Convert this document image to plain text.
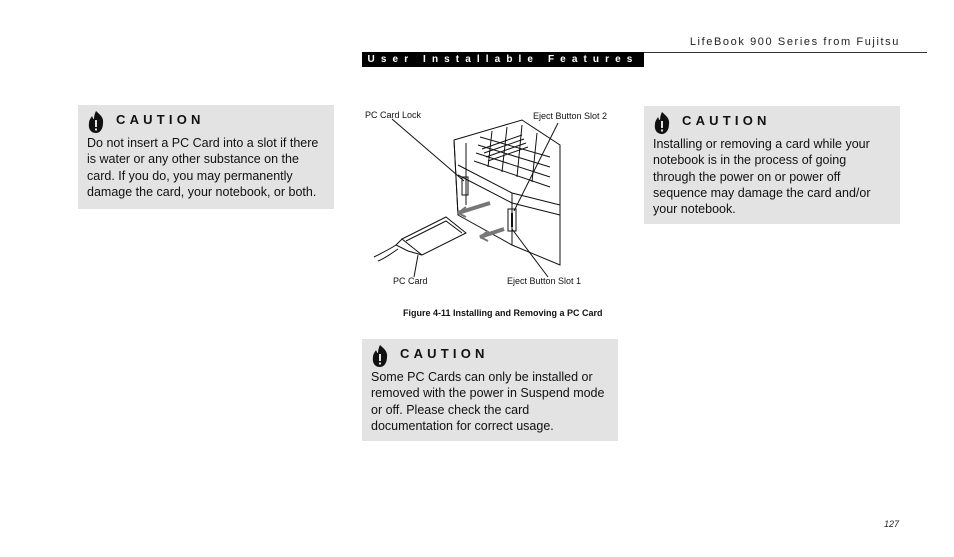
LifeBook 900 Series from Fujitsu
User Installable Features
CAUTION
Do not insert a PC Card into a slot if there is water or any other substance on the card. If you do, you may permanently damage the card, your notebook, or both.
CAUTION
Installing or removing a card while your notebook is in the process of going through the power on or power off sequence may damage the card and/or your notebook.
PC Card Lock	Eject Button Slot 2
PC Card	Eject Button Slot 1
Figure 4-11 Installing and Removing a PC Card
CAUTION
Some PC Cards can only be installed or removed with the power in Suspend mode or off. Please check the card documentation for correct usage.
127
